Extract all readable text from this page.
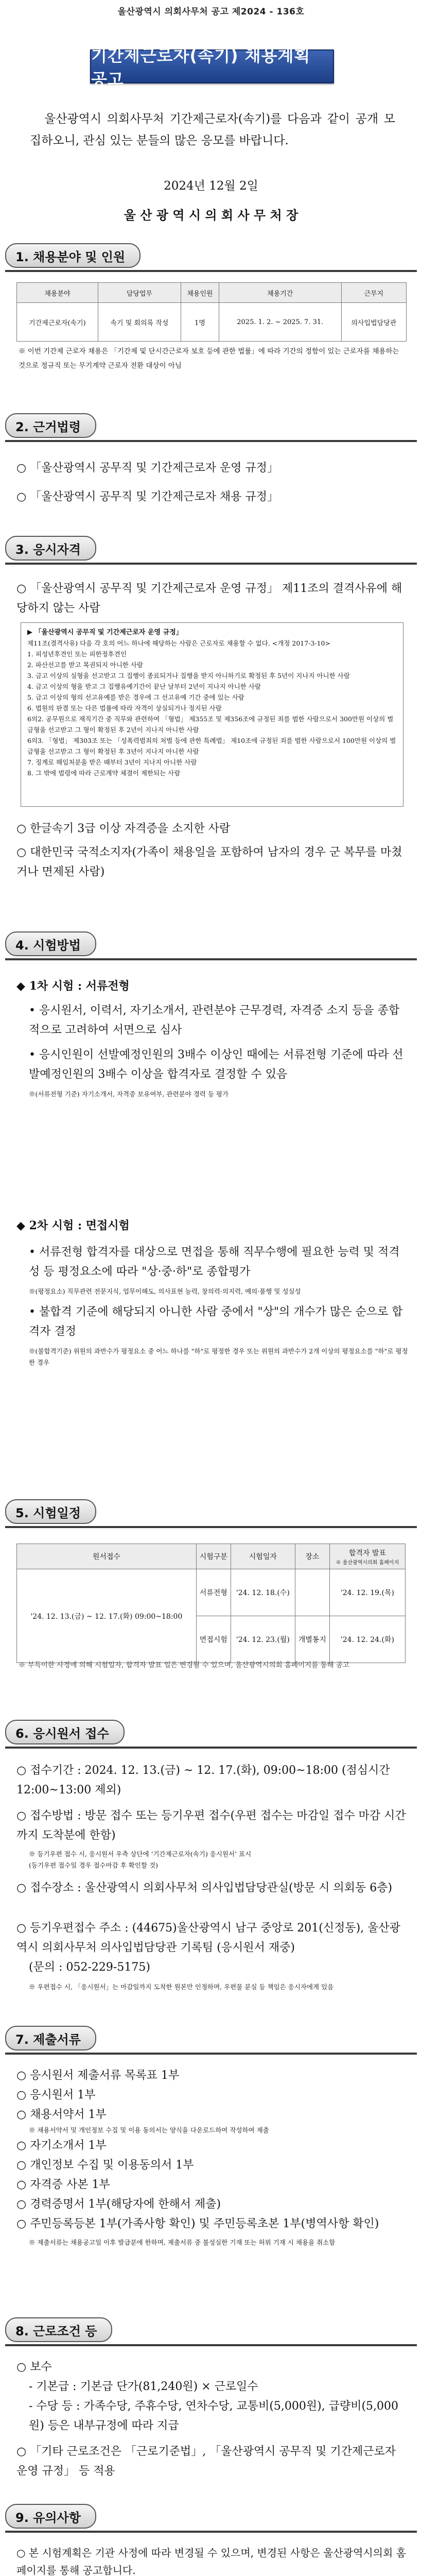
울산광역시 의회사무처 공고 제2024 - 136호
기간제근로자(속기) 채용계획 공고
울산광역시 의회사무처 기간제근로자(속기)를 다음과 같이 공개 모집하오니, 관심 있는 분들의 많은 응모를 바랍니다.
2024년 12월 2일
울 산 광 역 시 의 회 사 무 처 장
1. 채용분야 및 인원
채용분야	담당업무	채용인원	채용기간	근무지
기간제근로자(속기)	속기 및 회의록 작성	1명	2025. 1. 2. ~ 2025. 7. 31.	의사입법담당관
※ 이번 기간제 근로자 채용은 「기간제 및 단시간근로자 보호 등에 관한 법률」에 따라 기간의 정함이 있는 근로자를 채용하는 것으로 정규직 또는 무기계약 근로자 전환 대상이 아님
2. 근거법령
○ 「울산광역시 공무직 및 기간제근로자 운영 규정」
○ 「울산광역시 공무직 및 기간제근로자 채용 규정」
3. 응시자격
○ 「울산광역시 공무직 및 기간제근로자 운영 규정」 제11조의 결격사유에 해당하지 않는 사람
▶ 「울산광역시 공무직 및 기간제근로자 운영 규정」
제11조(결격사유) 다음 각 호의 어느 하나에 해당하는 사람은 근로자로 채용할 수 없다. <개정 2017-3-10>
1. 피성년후견인 또는 피한정후견인
2. 파산선고를 받고 복권되지 아니한 사람
3. 금고 이상의 실형을 선고받고 그 집행이 종료되거나 집행을 받지 아니하기로 확정된 후 5년이 지나지 아니한 사람
4. 금고 이상의 형을 받고 그 집행유예기간이 끝난 날부터 2년이 지나지 아니한 사람
5. 금고 이상의 형의 선고유예를 받은 경우에 그 선고유예 기간 중에 있는 사람
6. 법원의 판결 또는 다른 법률에 따라 자격이 상실되거나 정지된 사람
6의2. 공무원으로 재직기간 중 직무와 관련하여 「형법」 제355조 및 제356조에 규정된 죄를 범한 사람으로서 300만원 이상의 벌금형을 선고받고 그 형이 확정된 후 2년이 지나지 아니한 사람
6의3. 「형법」 제303조 또는 「성폭력범죄의 처벌 등에 관한 특례법」 제10조에 규정된 죄를 범한 사람으로서 100만원 이상의 벌금형을 선고받고 그 형이 확정된 후 3년이 지나지 아니한 사람
7. 징계로 해임처분을 받은 때부터 3년이 지나지 아니한 사람
8. 그 밖에 법령에 따라 근로계약 체결이 제한되는 사람
○ 한글속기 3급 이상 자격증을 소지한 사람
○ 대한민국 국적소지자(가족이 채용일을 포함하여 남자의 경우 군 복무를 마쳤거나 면제된 사람)
4. 시험방법
◆ 1차 시험 : 서류전형
• 응시원서, 이력서, 자기소개서, 관련분야 근무경력, 자격증 소지 등을 종합적으로 고려하여 서면으로 심사
• 응시인원이 선발예정인원의 3배수 이상인 때에는 서류전형 기준에 따라 선발예정인원의 3배수 이상을 합격자로 결정할 수 있음
※(서류전형 기준) 자기소개서, 자격증 보유여부, 관련분야 경력 등 평가
◆ 2차 시험 : 면접시험
• 서류전형 합격자를 대상으로 면접을 통해 직무수행에 필요한 능력 및 적격성 등 평정요소에 따라 "상·중·하"로 종합평가
※(평정요소) 직무관련 전문지식, 업무이해도, 의사표현 능력, 창의력·의지력, 예의·품행 및 성실성
• 불합격 기준에 해당되지 아니한 사람 중에서 "상"의 개수가 많은 순으로 합격자 결정
※(불합격기준) 위원의 과반수가 평정요소 중 어느 하나를 "하"로 평정한 경우 또는 위원의 과반수가 2개 이상의 평정요소를 "하"로 평정한 경우
5. 시험일정
원서접수	시험구분	시험일자	장소	합격자 발표
※ 울산광역시의회 홈페이지

'24. 12. 13.(금) ~ 12. 17.(화) 09:00~18:00	서류전형	'24. 12. 18.(수)		'24. 12. 19.(목)
	면접시험	'24. 12. 23.(월)	개별통지	'24. 12. 24.(화)
※ 부득이한 사정에 의해 시험일자, 합격자 발표 일은 변경될 수 있으며, 울산광역시의회 홈페이지를 통해 공고
6. 응시원서 접수
○ 접수기간 : 2024. 12. 13.(금) ~ 12. 17.(화), 09:00~18:00 (점심시간 12:00~13:00 제외)
○ 접수방법 : 방문 접수 또는 등기우편 접수(우편 접수는 마감일 접수 마감 시간까지 도착분에 한함)
※ 등기우편 접수 시, 응시원서 우측 상단에 ‘기간제근로자(속기) 응시원서’ 표시
(등기우편 접수일 경우 접수마감 후 확인할 것)
○ 접수장소 : 울산광역시 의회사무처 의사입법담당관실(방문 시 의회동 6층)
○ 등기우편접수 주소 : (44675)울산광역시 남구 중앙로 201(신정동), 울산광역시 의회사무처 의사입법담당관 기록팀 (응시원서 재중)
(문의 : 052-229-5175)
※ 우편접수 시, 「응시원서」는 마감일까지 도착한 원본만 인정하며, 우편물 분실 등 책임은 응시자에게 있음
7. 제출서류
○ 응시원서 제출서류 목록표 1부
○ 응시원서 1부
○ 채용서약서 1부
※ 채용서약서 및 개인정보 수집 및 이용 동의서는 양식을 다운로드하여 작성하여 제출
○ 자기소개서 1부
○ 개인정보 수집 및 이용동의서 1부
○ 자격증 사본 1부
○ 경력증명서 1부(해당자에 한해서 제출)
○ 주민등록등본 1부(가족사항 확인) 및 주민등록초본 1부(병역사항 확인)
※ 제출서류는 채용공고일 이후 발급분에 한하며, 제출서류 중 불성실한 기재 또는 허위 기재 시 채용을 취소함
8. 근로조건 등
○ 보수
- 기본급 : 기본급 단가(81,240원) × 근로일수
- 수당 등 : 가족수당, 주휴수당, 연차수당, 교통비(5,000원), 급량비(5,000원) 등은 내부규정에 따라 지급
○ 「기타 근로조건은 「근로기준법」, 「울산광역시 공무직 및 기간제근로자 운영 규정」 등 적용
9. 유의사항
○ 본 시험계획은 기관 사정에 따라 변경될 수 있으며, 변경된 사항은 울산광역시의회 홈페이지를 통해 공고합니다.
